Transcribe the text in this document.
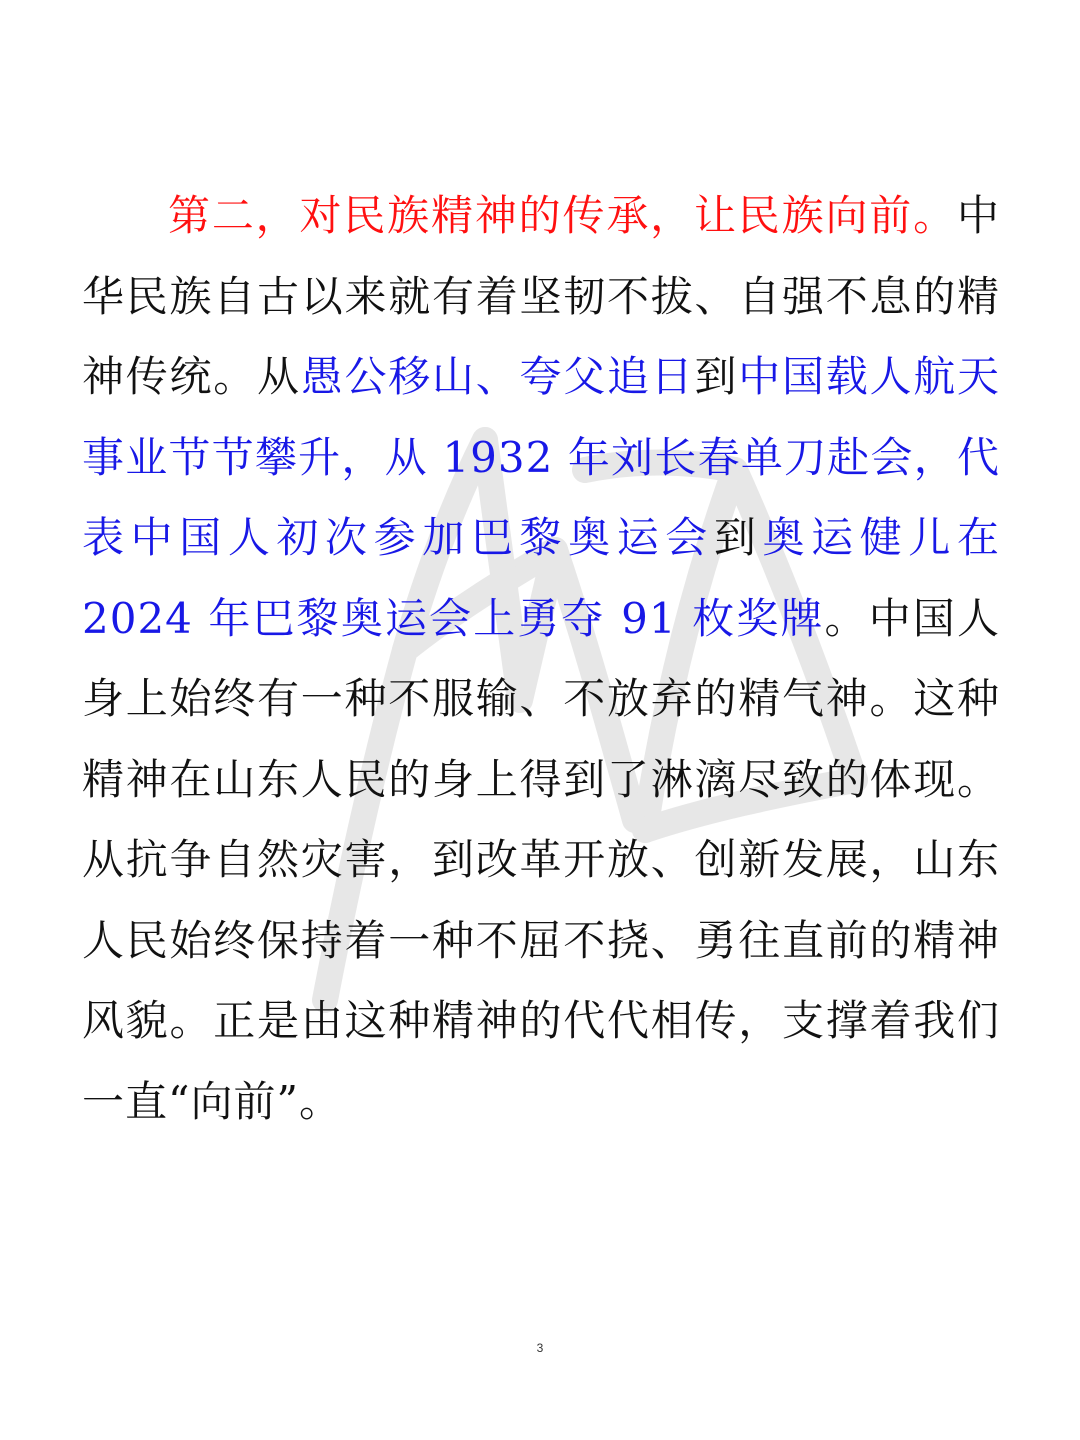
第二，对民族精神的传承，让民族向前。中华民族自古以来就有着坚韧不拔、自强不息的精神传统。从愚公移山、夸父追日到中国载人航天事业节节攀升，从 1932 年刘长春单刀赴会，代表中国人初次参加巴黎奥运会到奥运健儿在 2024 年巴黎奥运会上勇夺 91 枚奖牌。中国人身上始终有一种不服输、不放弃的精气神。这种精神在山东人民的身上得到了淋漓尽致的体现。从抗争自然灾害，到改革开放、创新发展，山东人民始终保持着一种不屈不挠、勇往直前的精神风貌。正是由这种精神的代代相传，支撑着我们一直“向前”。

3
